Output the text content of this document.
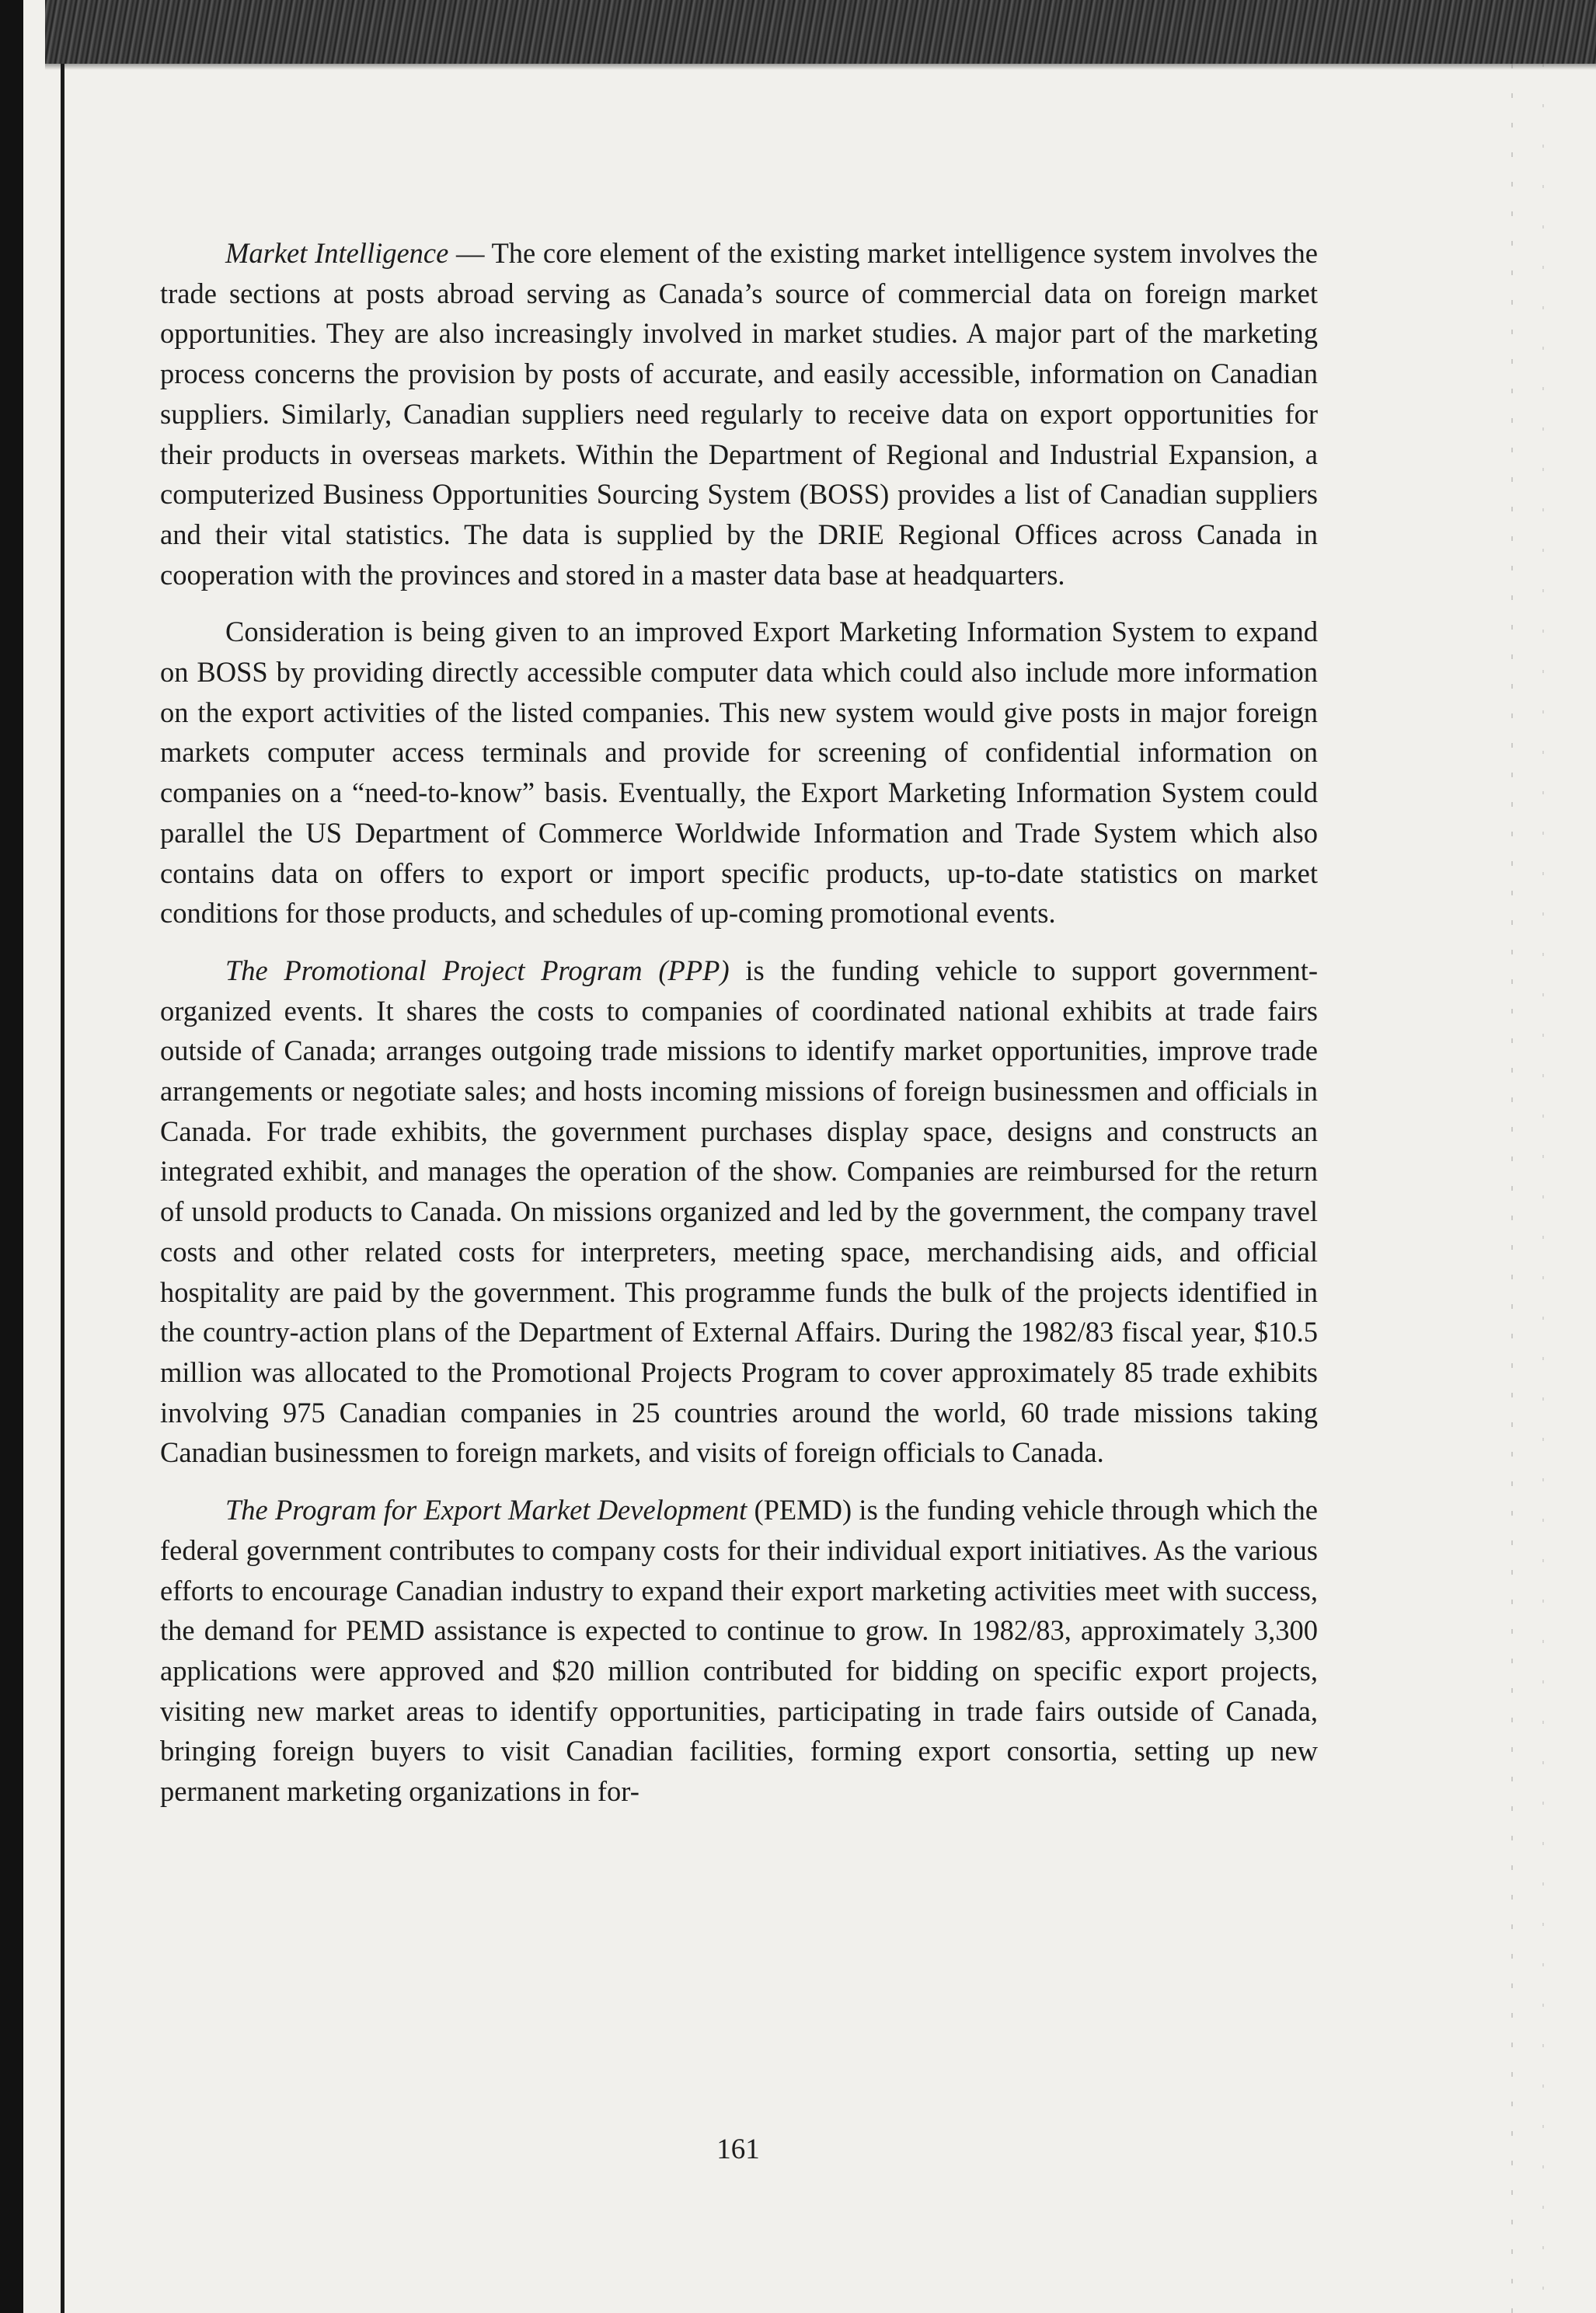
Market Intelligence — The core element of the existing market intelligence system involves the trade sections at posts abroad serving as Canada’s source of commercial data on foreign market opportunities. They are also increasingly involved in market studies. A major part of the marketing process concerns the provision by posts of accurate, and easily accessible, information on Canadian suppliers. Similarly, Canadian suppliers need regularly to receive data on export opportunities for their products in overseas markets. Within the Department of Regional and Industrial Expansion, a computerized Business Opportunities Sourcing System (BOSS) provides a list of Canadian suppliers and their vital statistics. The data is supplied by the DRIE Regional Offices across Canada in cooperation with the provinces and stored in a master data base at headquarters.

Consideration is being given to an improved Export Marketing Information System to expand on BOSS by providing directly accessible computer data which could also include more information on the export activities of the listed companies. This new system would give posts in major foreign markets computer access terminals and provide for screening of confidential information on companies on a “need-to-know” basis. Eventually, the Export Marketing Information System could parallel the US Department of Commerce Worldwide Information and Trade System which also contains data on offers to export or import specific products, up-to-date statistics on market conditions for those products, and schedules of up-coming promotional events.

The Promotional Project Program (PPP) is the funding vehicle to support government-organized events. It shares the costs to companies of coordinated national exhibits at trade fairs outside of Canada; arranges outgoing trade missions to identify market opportunities, improve trade arrangements or negotiate sales; and hosts incoming missions of foreign businessmen and officials in Canada. For trade exhibits, the government purchases display space, designs and constructs an integrated exhibit, and manages the operation of the show. Companies are reimbursed for the return of unsold products to Canada. On missions organized and led by the government, the company travel costs and other related costs for interpreters, meeting space, merchandising aids, and official hospitality are paid by the government. This programme funds the bulk of the projects identified in the country-action plans of the Department of External Affairs. During the 1982/83 fiscal year, $10.5 million was allocated to the Promotional Projects Program to cover approximately 85 trade exhibits involving 975 Canadian companies in 25 countries around the world, 60 trade missions taking Canadian businessmen to foreign markets, and visits of foreign officials to Canada.

The Program for Export Market Development (PEMD) is the funding vehicle through which the federal government contributes to company costs for their individual export initiatives. As the various efforts to encourage Canadian industry to expand their export marketing activities meet with success, the demand for PEMD assistance is expected to continue to grow. In 1982/83, approximately 3,300 applications were approved and $20 million contributed for bidding on specific export projects, visiting new market areas to identify opportunities, participating in trade fairs outside of Canada, bringing foreign buyers to visit Canadian facilities, forming export consortia, setting up new permanent marketing organizations in for-

161
